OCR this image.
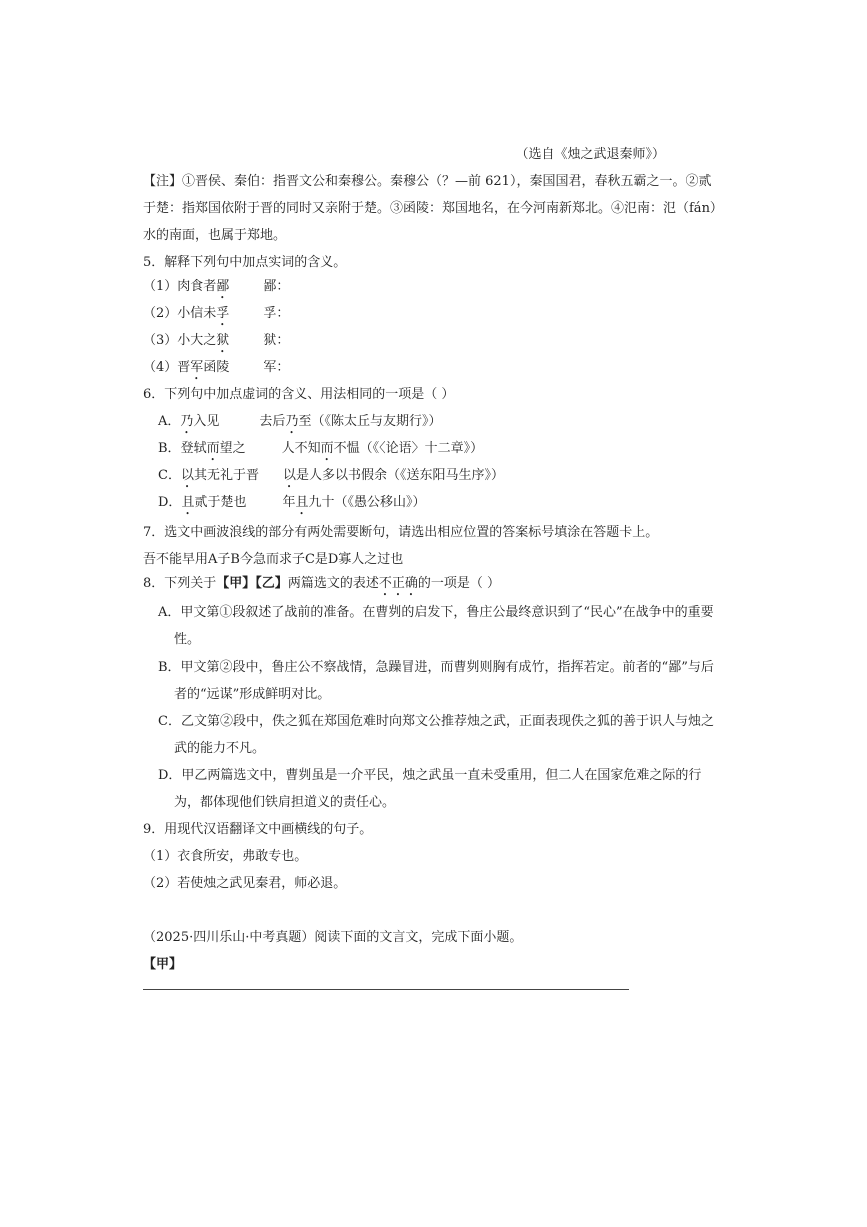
（选自《烛之武退秦师》）
【注】①晋侯、秦伯：指晋文公和秦穆公。秦穆公（？—前 621），秦国国君，春秋五霸之一。②贰
于楚：指郑国依附于晋的同时又亲附于楚。③函陵：郑国地名，在今河南新郑北。④氾南：氾（fán）
水的南面，也属于郑地。
5．解释下列句中加点实词的含义。
（1）肉食者鄙	鄙：
（2）小信未孚	孚：
（3）小大之狱	狱：
（4）晋军函陵	军：
6．下列句中加点虚词的含义、用法相同的一项是（ ）
A．乃入见	去后乃至（《陈太丘与友期行》）
B．登轼而望之	人不知而不愠（《〈论语〉十二章》）
C．以其无礼于晋 以是人多以书假余（《送东阳马生序》）
D．且贰于楚也	年且九十（《愚公移山》）
7．选文中画波浪线的部分有两处需要断句，请选出相应位置的答案标号填涂在答题卡上。
吾不能早用A子B今急而求子C是D寡人之过也
8．下列关于【甲】【乙】两篇选文的表述不正确的一项是（ ）
A．甲文第①段叙述了战前的准备。在曹刿的启发下，鲁庄公最终意识到了“民心”在战争中的重要
性。
B．甲文第②段中，鲁庄公不察战情，急躁冒进，而曹刿则胸有成竹，指挥若定。前者的“鄙”与后
者的“远谋”形成鲜明对比。
C．乙文第②段中，佚之狐在郑国危难时向郑文公推荐烛之武，正面表现佚之狐的善于识人与烛之
武的能力不凡。
D．甲乙两篇选文中，曹刿虽是一介平民，烛之武虽一直未受重用，但二人在国家危难之际的行
为，都体现他们铁肩担道义的责任心。
9．用现代汉语翻译文中画横线的句子。
（1）衣食所安，弗敢专也。
（2）若使烛之武见秦君，师必退。
（2025·四川乐山·中考真题）阅读下面的文言文，完成下面小题。
【甲】
